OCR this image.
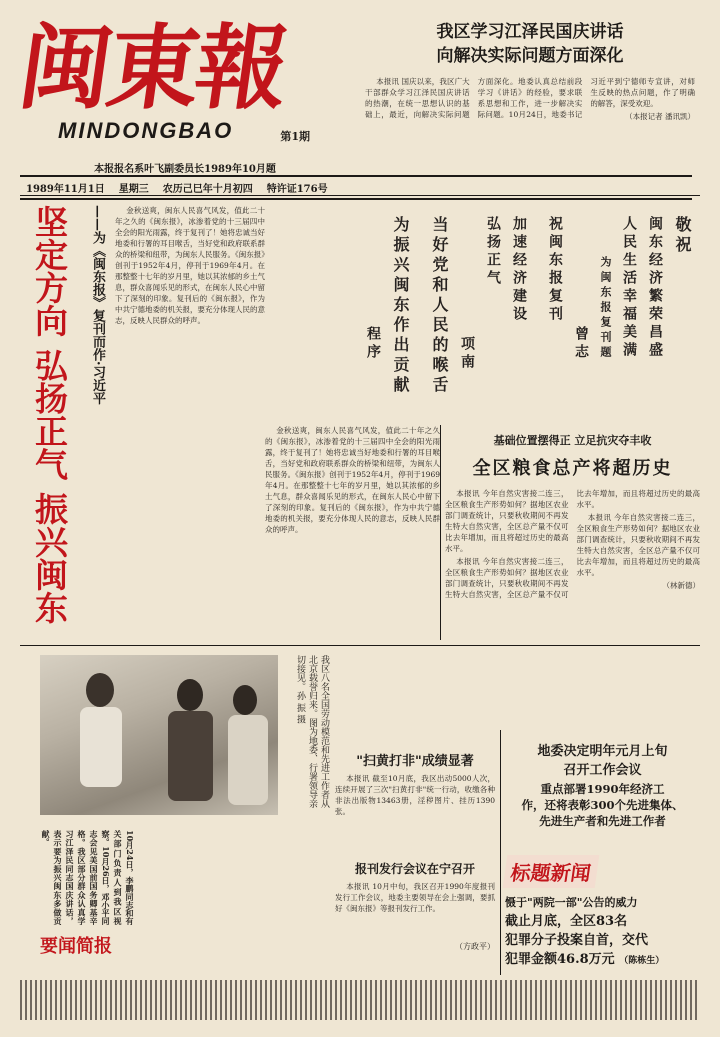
闽東報
MINDONGBAO	第1期
本报报名系叶飞副委员长1989年10月题
1989年11月1日 星期三 农历己巳年十月初四 特许证176号
我区学习江泽民国庆讲话
向解决实际问题方面深化

本报讯 国庆以来，我区广大干部群众学习江泽民国庆讲话的热潮，在统一思想认识的基础上，最近，向解决实际问题方面深化。地委认真总结前段学习《讲话》的经验，要求联系思想和工作，进一步解决实际问题。10月24日，地委书记习近平到宁德师专宣讲，对师生反映的热点问题，作了明确的解答，深受欢迎。

（本报记者 潘讯凯）

坚定方向 弘扬正气 振兴闽东	——为《闽东报》复刊而作·习近平	金秋送爽，闽东人民喜气风发，值此二十年之久的《闽东报》，冰渗着党的十三届四中全会的阳光雨露，终于复刊了！她将忠诚当好地委和行署的耳目喉舌，当好党和政府联系群众的桥梁和纽带，为闽东人民服务。《闽东报》创刊于1952年4月，停刊于1969年4月。在那整整十七年的岁月里，她以其浓郁的乡土气息，群众喜闻乐见的形式，在闽东人民心中留下了深刻的印象。复刊后的《闽东报》，作为中共宁德地委的机关报，要充分体现人民的意志，反映人民群众的呼声。

金秋送爽，闽东人民喜气风发，值此二十年之久的《闽东报》，冰渗着党的十三届四中全会的阳光雨露，终于复刊了！她将忠诚当好地委和行署的耳目喉舌，当好党和政府联系群众的桥梁和纽带，为闽东人民服务。《闽东报》创刊于1952年4月，停刊于1969年4月。在那整整十七年的岁月里，她以其浓郁的乡土气息，群众喜闻乐见的形式，在闽东人民心中留下了深刻的印象。复刊后的《闽东报》，作为中共宁德地委的机关报，要充分体现人民的意志，反映人民群众的呼声。

敬祝
闽东经济繁荣昌盛
人民生活幸福美满
为闽东报复刊题
曾志
祝闽东报复刊
加速经济建设
弘扬正气
项南
当好党和人民的喉舌
为振兴闽东作出贡献
程序
基础位置摆得正 立足抗灾夺丰收
全区粮食总产将超历史

本报讯 今年自然灾害接二连三，全区粮食生产形势如何？据地区农业部门调查统计，只要秋收期间不再发生特大自然灾害，全区总产量不仅可比去年增加，而且将超过历史的最高水平。

本报讯 今年自然灾害接二连三，全区粮食生产形势如何？据地区农业部门调查统计，只要秋收期间不再发生特大自然灾害，全区总产量不仅可比去年增加，而且将超过历史的最高水平。

本报讯 今年自然灾害接二连三，全区粮食生产形势如何？据地区农业部门调查统计，只要秋收期间不再发生特大自然灾害，全区总产量不仅可比去年增加，而且将超过历史的最高水平。

（林新德）

我区八名全国劳动模范和先进工作者从北京载誉归来。图为地委、行署领导亲切接见。孙 振 摄
"扫黄打非"成绩显著

本报讯 截至10月底，我区出动5000人次，连续开展了三次"扫黄打非"统一行动，收缴各种非法出版物13463册，淫秽图片、挂历1390张。

报刊发行会议在宁召开

本报讯 10月中旬，我区召开1990年度报刊发行工作会议，地委主要领导在会上强调，要抓好《闽东报》等报刊发行工作。

（方政平）
地委决定明年元月上旬
召开工作会议
重点部署1990年经济工
作，还将表彰300个先进集体、
先进生产者和先进工作者
标题新闻
慑于"两院一部"公告的威力
截止月底，全区83名
犯罪分子投案自首，交代
犯罪金额46.8万元 （陈栋生）
10月24日，李鹏同志和有关部门负责人到我区视察。10月26日，邓小平同志会见美国前国务卿基辛格。我区部分群众认真学习江泽民同志国庆讲话，表示要为振兴闽东多做贡献。
要闻简报
